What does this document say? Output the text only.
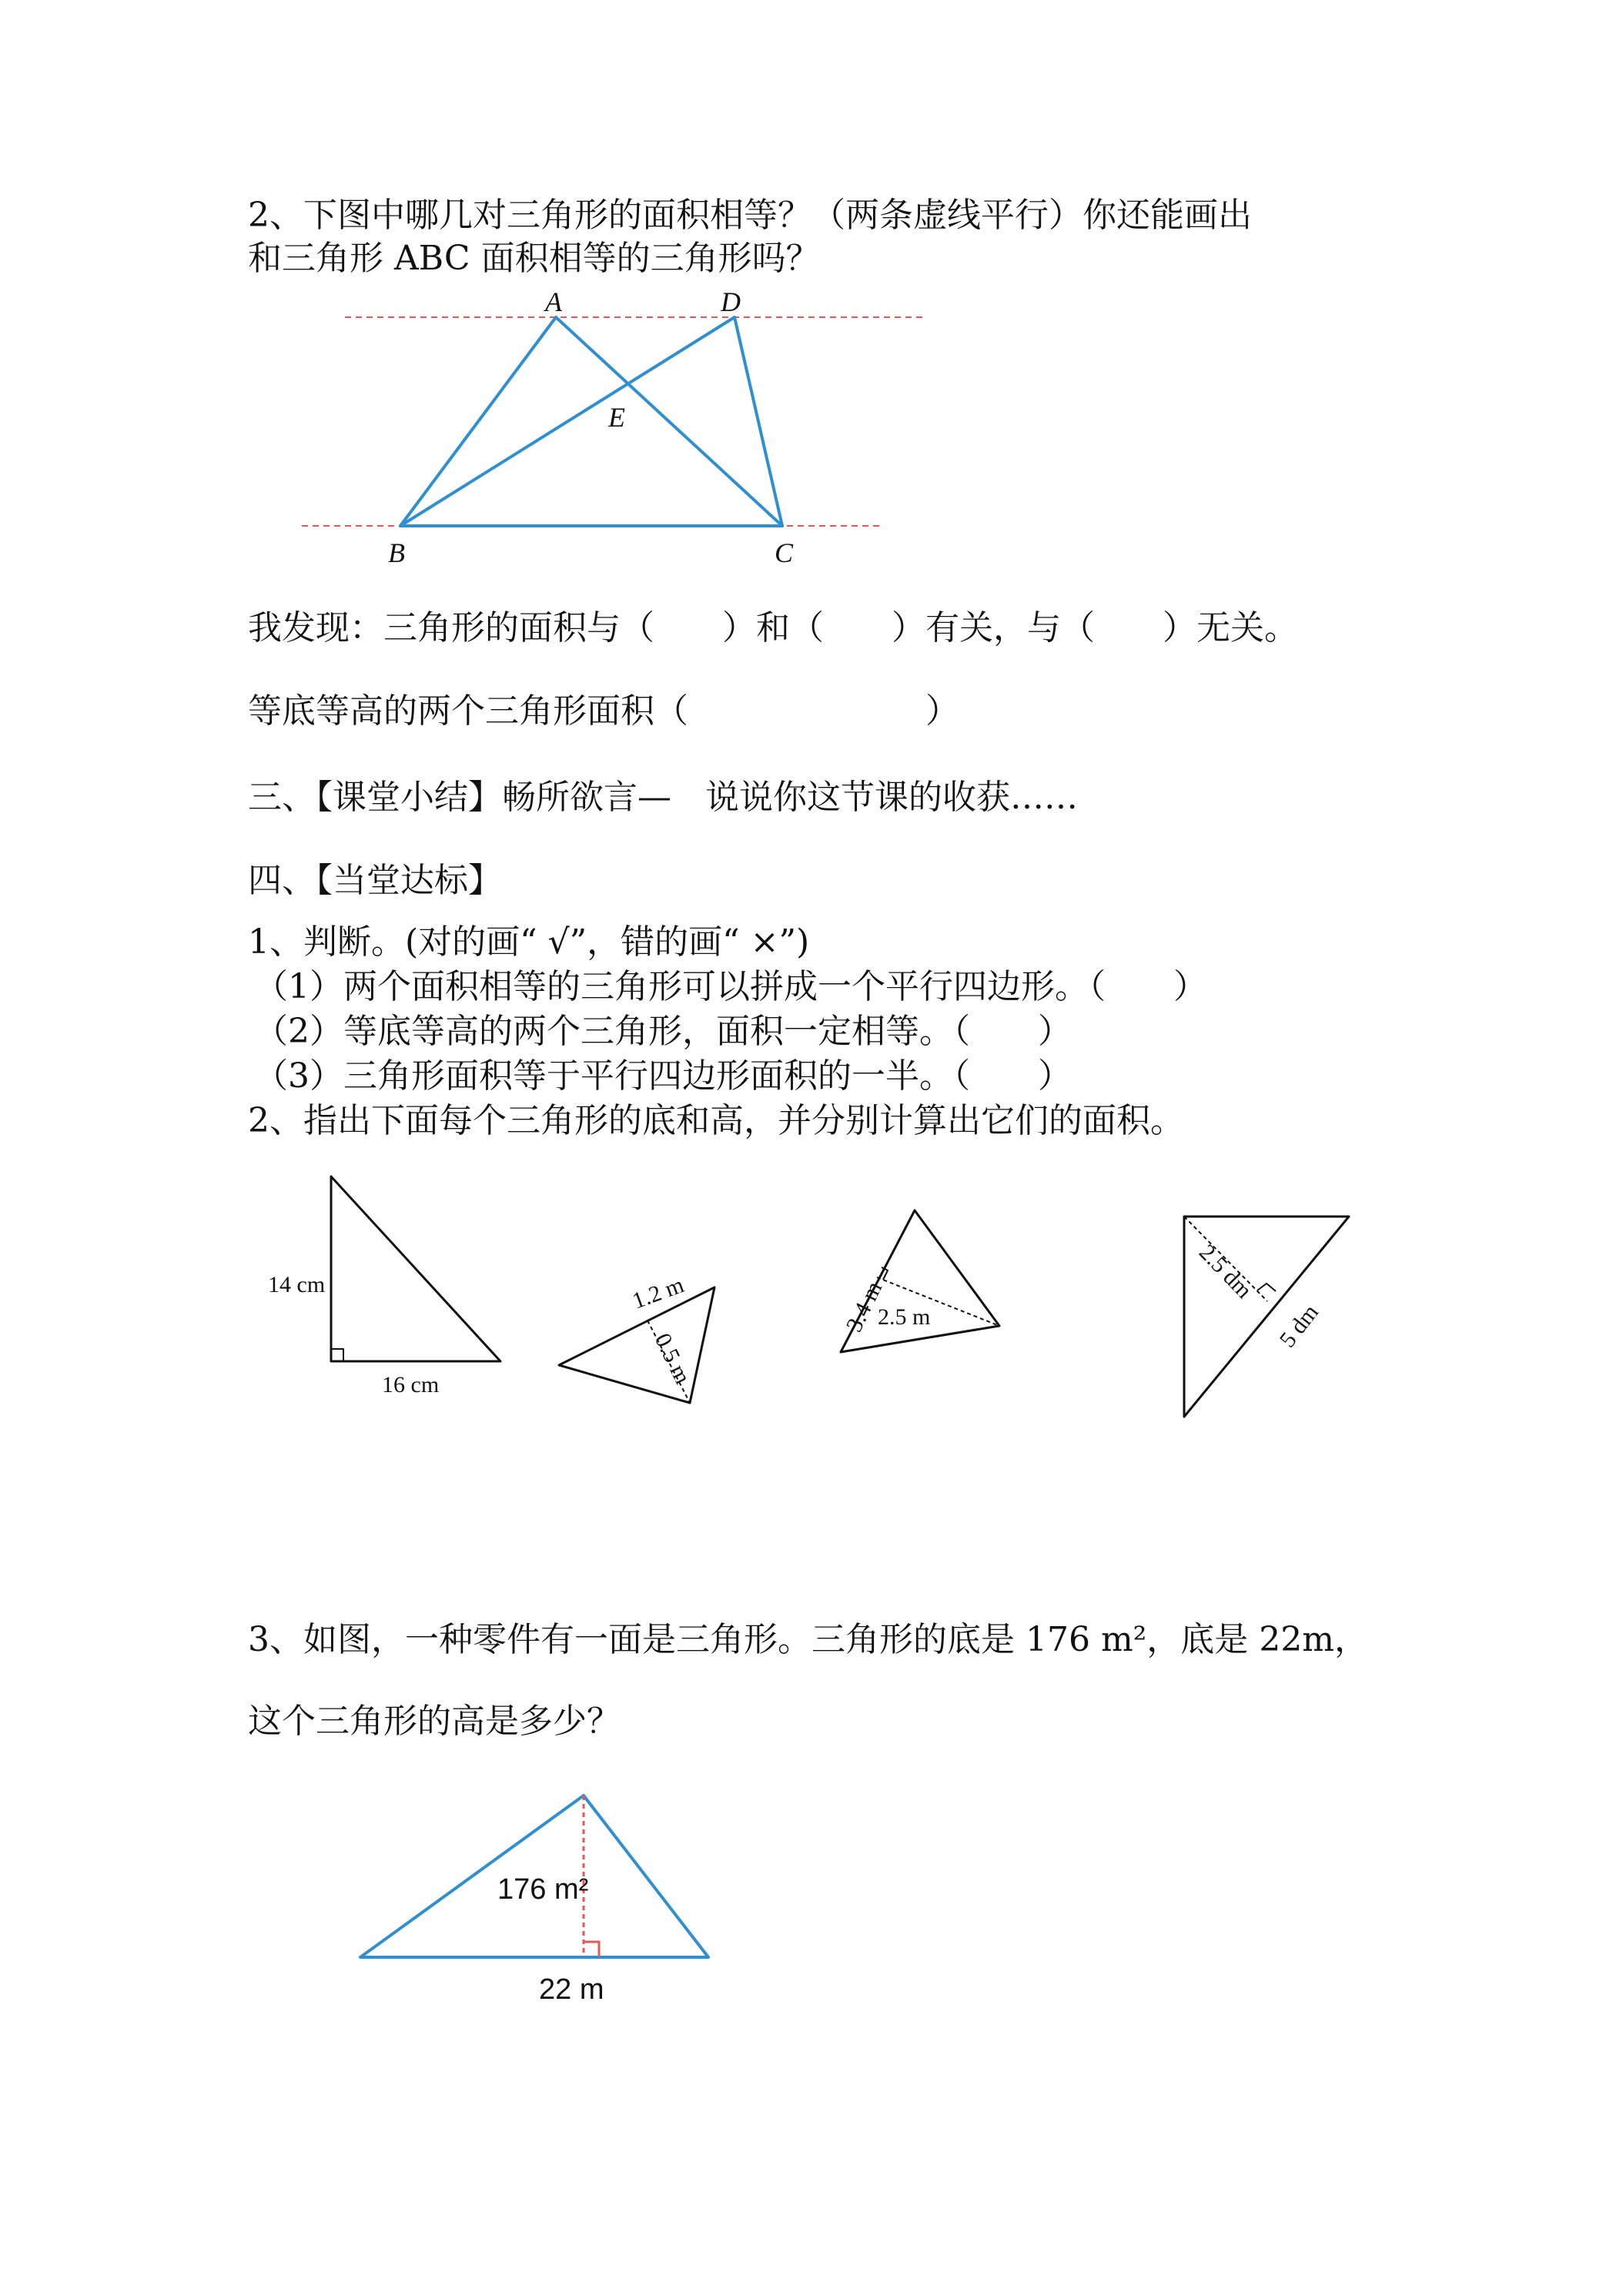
2、下图中哪几对三角形的面积相等？（两条虚线平行）你还能画出
和三角形 ABC 面积相等的三角形吗？
A	D
E
B	C
我发现：三角形的面积与（　　）和（　　）有关，与（　　）无关。
等底等高的两个三角形面积（　　　　　　　）
三、【课堂小结】畅所欲言—　说说你这节课的收获……
四、【当堂达标】
1、判断。(对的画“ √”，错的画“ ×”)
（1）两个面积相等的三角形可以拼成一个平行四边形。（　　）
（2）等底等高的两个三角形，面积一定相等。（　　）
（3）三角形面积等于平行四边形面积的一半。（　　）
2、指出下面每个三角形的底和高，并分别计算出它们的面积。
14 cm
16 cm
1.2 m
0.5 m
3.4 m
2.5 m
2.5 dm
5 dm
3、如图，一种零件有一面是三角形。三角形的底是 176 m²，底是 22m，
这个三角形的高是多少？
176 m²
22 m
